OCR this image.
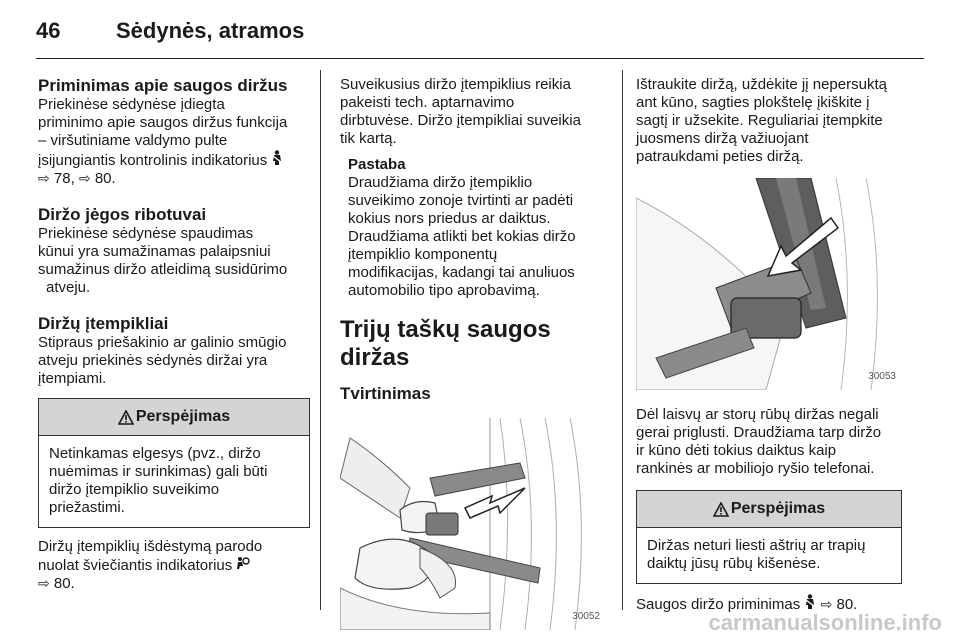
46	Sėdynės, atramos

Priminimas apie saugos diržus

Priekinėse sėdynėse įdiegta

priminimo apie saugos diržus funkcija

– viršutiniame valdymo pulte

įsijungiantis kontrolinis indikatorius

⇨ 78, ⇨ 80.

Diržo jėgos ribotuvai

Priekinėse sėdynėse spaudimas

kūnui yra sumažinamas palaipsniui

sumažinus diržo atleidimą susidūrimo

atveju.

Diržų įtempikliai

Stipraus priešakinio ar galinio smūgio

atveju priekinės sėdynės diržai yra

įtempiami.

Perspėjimas

Netinkamas elgesys (pvz., diržo

nuėmimas ir surinkimas) gali būti

diržo įtempiklio suveikimo

priežastimi.

Diržų įtempiklių išdėstymą parodo

nuolat šviečiantis indikatorius

⇨ 80.

Suveikusius diržo įtempiklius reikia

pakeisti tech. aptarnavimo

dirbtuvėse. Diržo įtempikliai suveikia

tik kartą.

Pastaba

Draudžiama diržo įtempiklio

suveikimo zonoje tvirtinti ar padėti

kokius nors priedus ar daiktus.

Draudžiama atlikti bet kokias diržo

įtempiklio komponentų

modifikacijas, kadangi tai anuliuos

automobilio tipo aprobavimą.

Trijų taškų saugos diržas

Tvirtinimas

30052

Ištraukite diržą, uždėkite jį nepersuktą

ant kūno, sagties plokštelę įkiškite į

sagtį ir užsekite. Reguliariai įtempkite

juosmens diržą važiuojant

patraukdami peties diržą.

30053

Dėl laisvų ar storų rūbų diržas negali

gerai priglusti. Draudžiama tarp diržo

ir kūno dėti tokius daiktus kaip

rankinės ar mobiliojo ryšio telefonai.

Perspėjimas

Diržas neturi liesti aštrių ar trapių

daiktų jūsų rūbų kišenėse.

Saugos diržo priminimas ⇨ 80.

carmanualsonline.info
